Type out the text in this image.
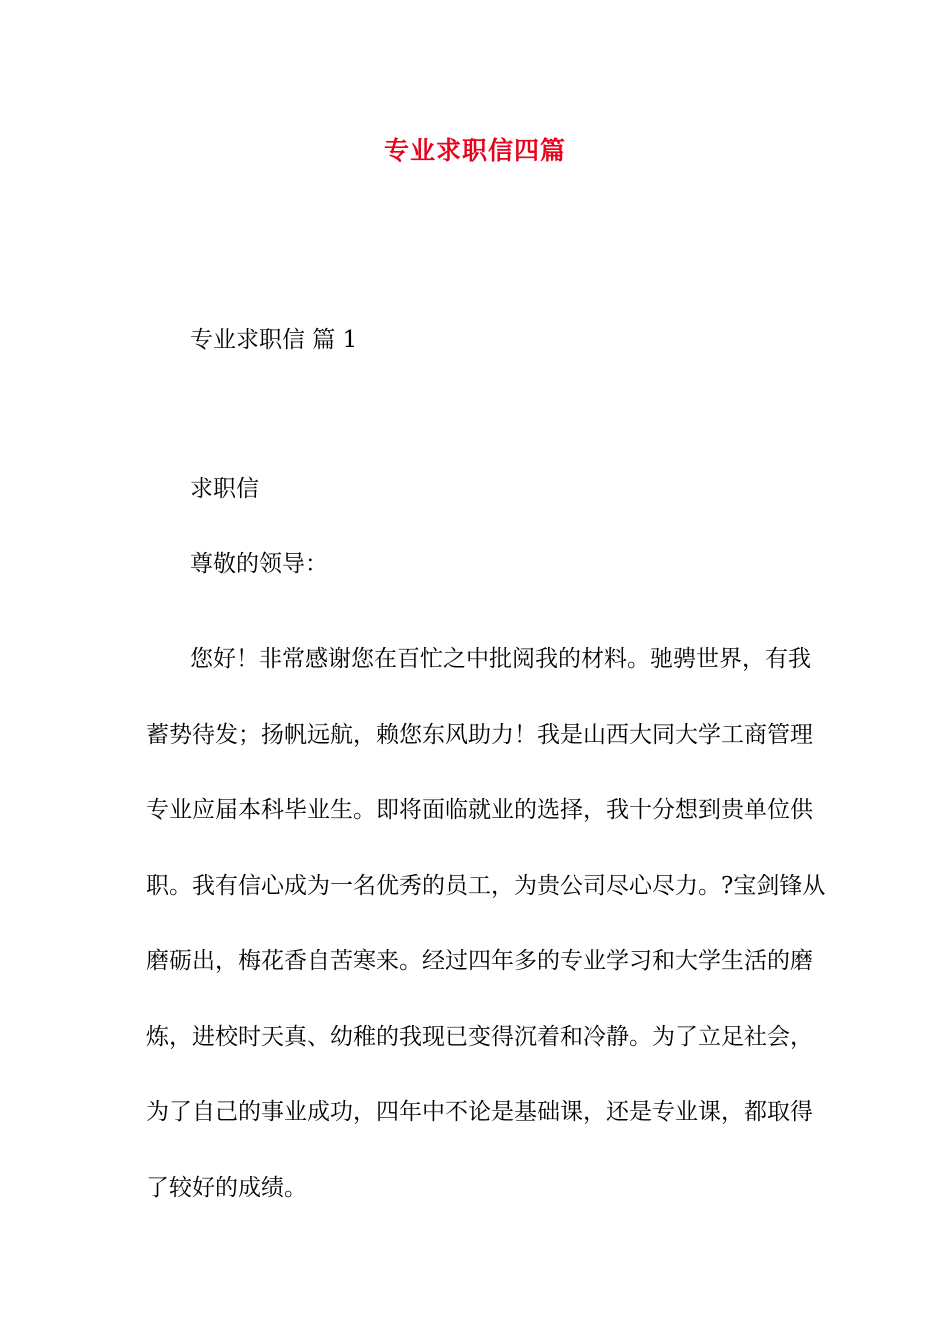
专业求职信四篇
专业求职信 篇 1
求职信
尊敬的领导：
您好！非常感谢您在百忙之中批阅我的材料。驰骋世界，有我
蓄势待发；扬帆远航，赖您东风助力！我是山西大同大学工商管理
专业应届本科毕业生。即将面临就业的选择，我十分想到贵单位供
职。我有信心成为一名优秀的员工，为贵公司尽心尽力。?宝剑锋从
磨砺出，梅花香自苦寒来。经过四年多的专业学习和大学生活的磨
炼，进校时天真、幼稚的我现已变得沉着和冷静。为了立足社会，
为了自己的事业成功，四年中不论是基础课，还是专业课，都取得
了较好的成绩。
